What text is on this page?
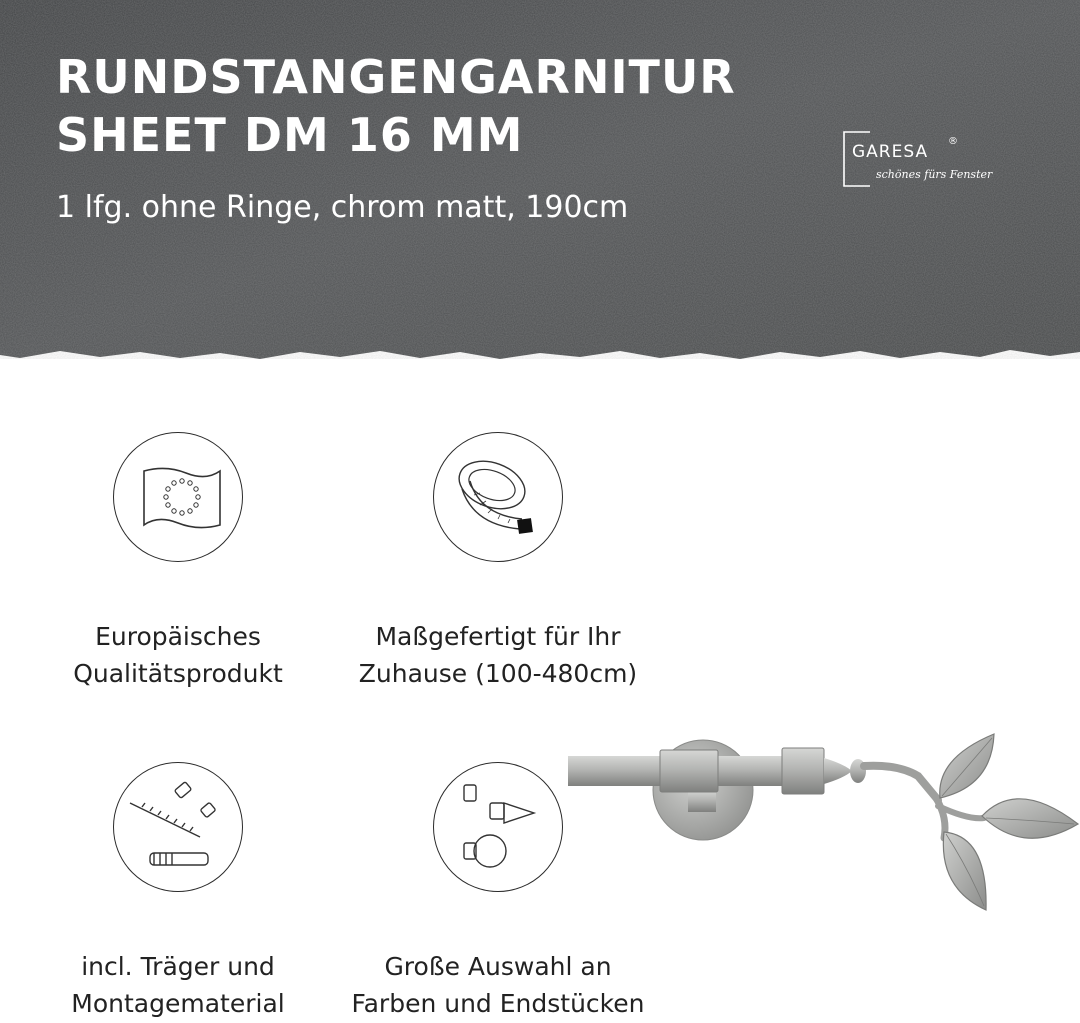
RUNDSTANGENGARNITUR
SHEET DM 16 MM

1 lfg. ohne Ringe, chrom matt, 190cm

GARESA
®
schönes fürs Fenster
Europäisches
Qualitätsprodukt
Maßgefertigt für Ihr
Zuhause (100-480cm)
incl. Träger und
Montagematerial
Große Auswahl an
Farben und Endstücken
